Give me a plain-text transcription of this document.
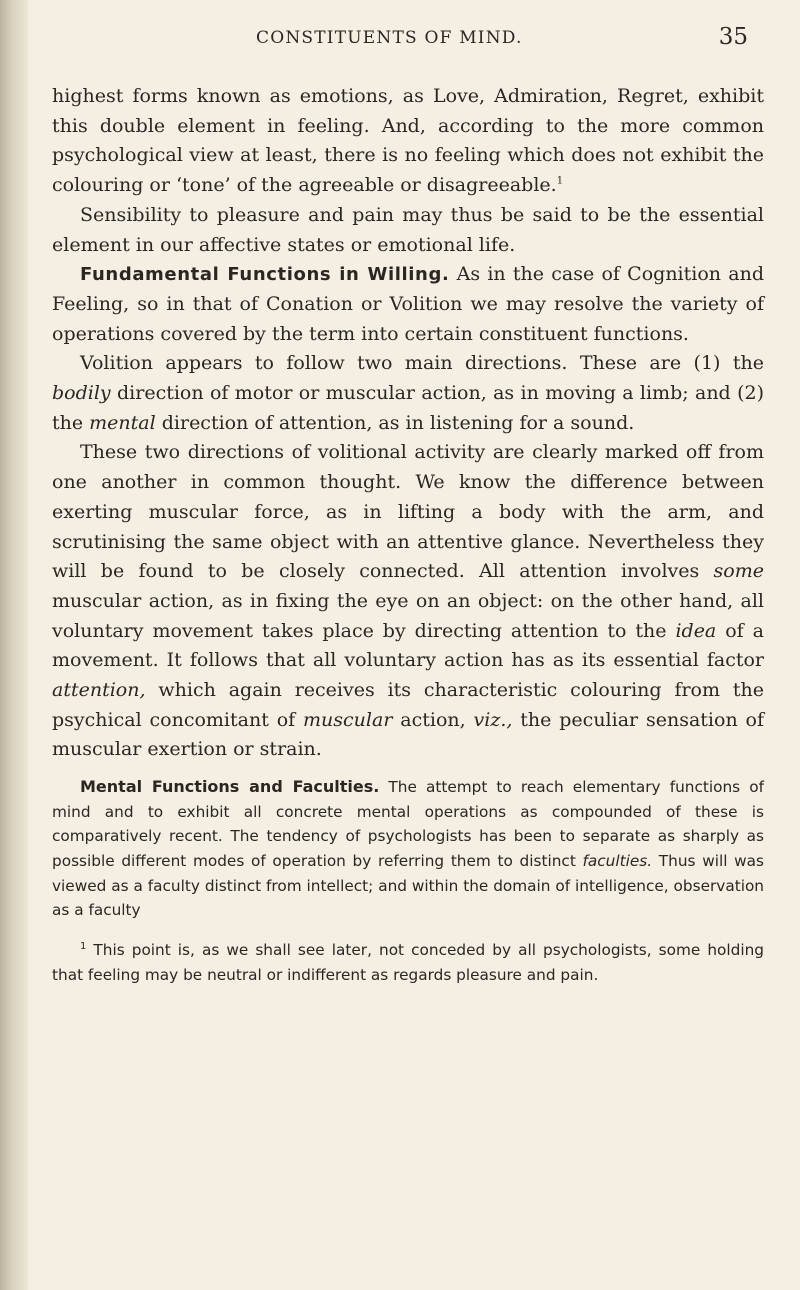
CONSTITUENTS OF MIND.	35

highest forms known as emotions, as Love, Admiration, Regret, exhibit this double element in feeling. And, according to the more common psychological view at least, there is no feeling which does not exhibit the colouring or ‘tone’ of the agreeable or disagreeable.$^1$

Sensibility to pleasure and pain may thus be said to be the essential element in our affective states or emotional life.

Fundamental Functions in Willing. As in the case of Cognition and Feeling, so in that of Conation or Volition we may resolve the variety of operations covered by the term into certain constituent functions.

Volition appears to follow two main directions. These are (1) the bodily direction of motor or muscular action, as in moving a limb; and (2) the mental direction of attention, as in listening for a sound.

These two directions of volitional activity are clearly marked off from one another in common thought. We know the difference between exerting muscular force, as in lifting a body with the arm, and scrutinising the same object with an attentive glance. Nevertheless they will be found to be closely connected. All attention involves some muscular action, as in fixing the eye on an object: on the other hand, all voluntary movement takes place by directing attention to the idea of a movement. It follows that all voluntary action has as its essential factor attention, which again receives its characteristic colouring from the psychical concomitant of muscular action, viz., the peculiar sensation of muscular exertion or strain.

Mental Functions and Faculties. The attempt to reach elementary functions of mind and to exhibit all concrete mental operations as compounded of these is comparatively recent. The tendency of psychologists has been to separate as sharply as possible different modes of operation by referring them to distinct faculties. Thus will was viewed as a faculty distinct from intellect; and within the domain of intelligence, observation as a faculty

$^1$ This point is, as we shall see later, not conceded by all psychologists, some holding that feeling may be neutral or indifferent as regards pleasure and pain.
